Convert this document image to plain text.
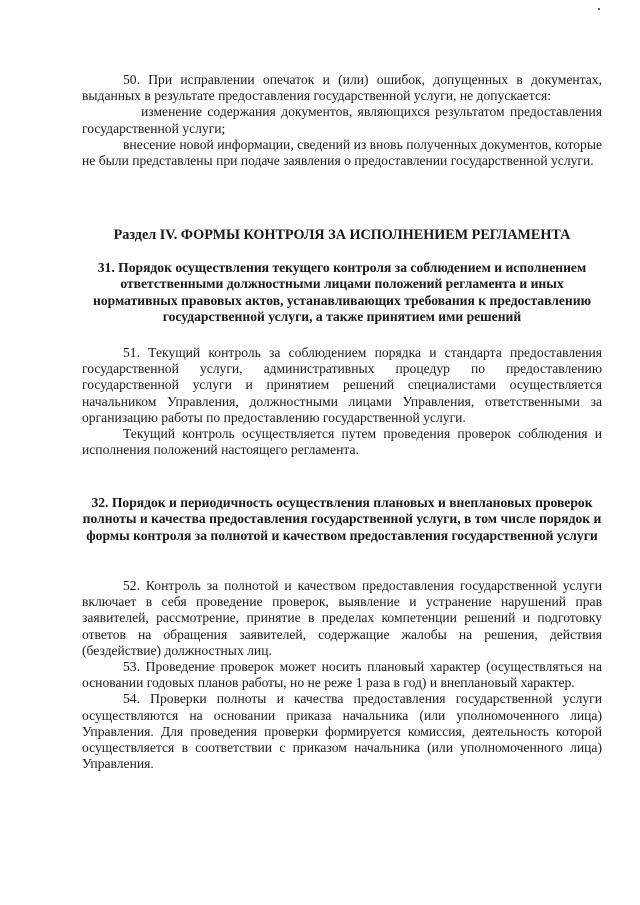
50. При исправлении опечаток и (или) ошибок, допущенных в документах, выданных в результате предоставления государственной услуги, не допускается:

изменение содержания документов, являющихся результатом предоставления государственной услуги;

внесение новой информации, сведений из вновь полученных документов, которые не были представлены при подаче заявления о предоставлении государственной услуги.

Раздел IV. ФОРМЫ КОНТРОЛЯ ЗА ИСПОЛНЕНИЕМ РЕГЛАМЕНТА
31. Порядок осуществления текущего контроля за соблюдением и исполнением ответственными должностными лицами положений регламента и иных нормативных правовых актов, устанавливающих требования к предоставлению государственной услуги, а также принятием ими решений

51. Текущий контроль за соблюдением порядка и стандарта предоставления государственной услуги, административных процедур по предоставлению государственной услуги и принятием решений специалистами осуществляется начальником Управления, должностными лицами Управления, ответственными за организацию работы по предоставлению государственной услуги.

Текущий контроль осуществляется путем проведения проверок соблюдения и исполнения положений настоящего регламента.

32. Порядок и периодичность осуществления плановых и внеплановых проверок полноты и качества предоставления государственной услуги, в том числе порядок и формы контроля за полнотой и качеством предоставления государственной услуги

52. Контроль за полнотой и качеством предоставления государственной услуги включает в себя проведение проверок, выявление и устранение нарушений прав заявителей, рассмотрение, принятие в пределах компетенции решений и подготовку ответов на обращения заявителей, содержащие жалобы на решения, действия (бездействие) должностных лиц.

53. Проведение проверок может носить плановый характер (осуществляться на основании годовых планов работы, но не реже 1 раза в год) и внеплановый характер.

54. Проверки полноты и качества предоставления государственной услуги осуществляются на основании приказа начальника (или уполномоченного лица) Управления. Для проведения проверки формируется комиссия, деятельность которой осуществляется в соответствии с приказом начальника (или уполномоченного лица) Управления.
